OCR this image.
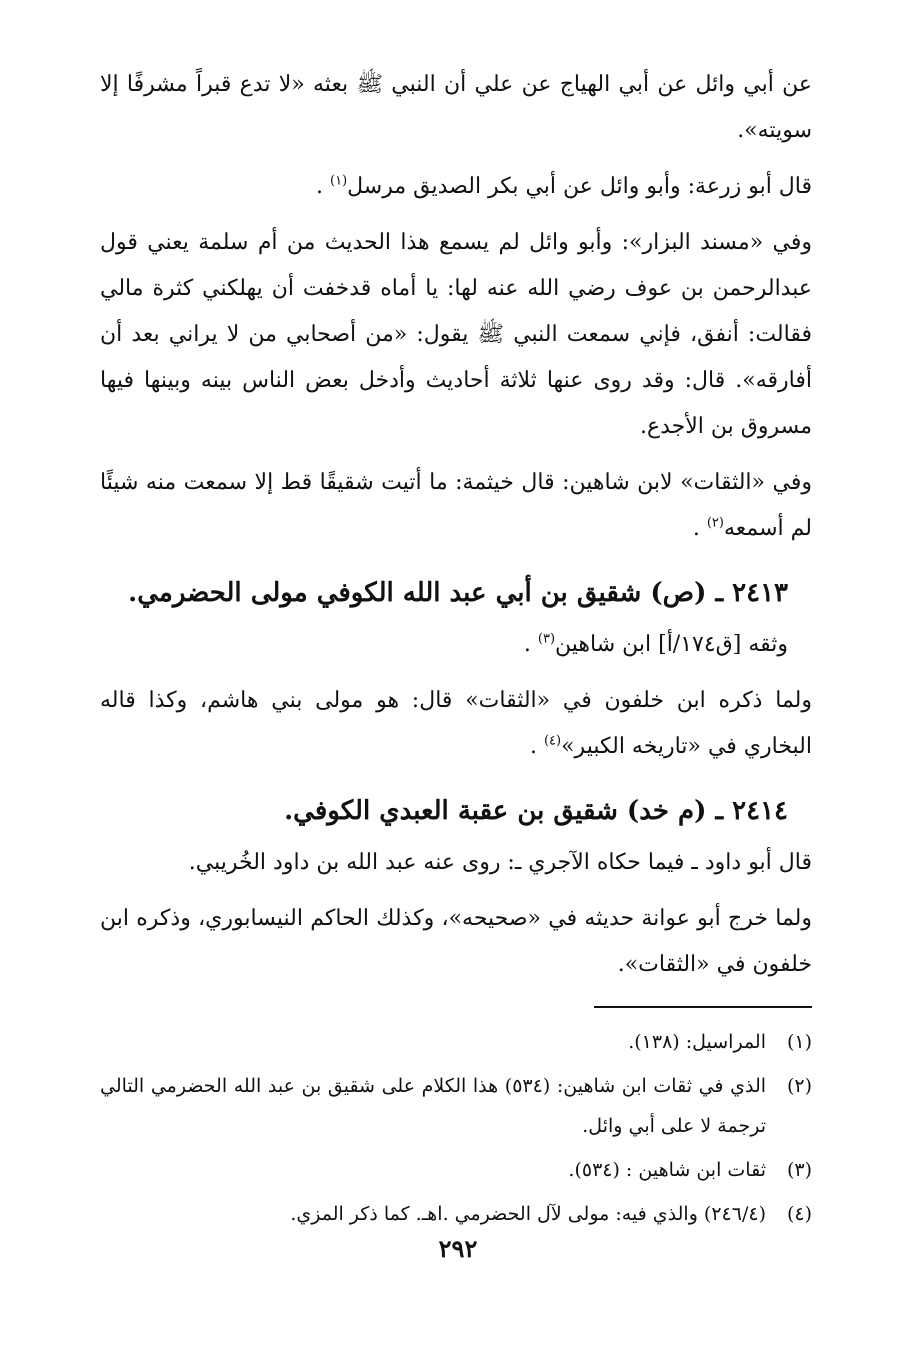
عن أبي وائل عن أبي الهياج عن علي أن النبي ﷺ بعثه «لا تدع قبراً مشرفًا إلا سويته».

قال أبو زرعة: وأبو وائل عن أبي بكر الصديق مرسل$^{(١)}$ .

وفي «مسند البزار»: وأبو وائل لم يسمع هذا الحديث من أم سلمة يعني قول عبدالرحمن بن عوف رضي الله عنه لها: يا أماه قدخفت أن يهلكني كثرة مالي فقالت: أنفق، فإني سمعت النبي ﷺ يقول: «من أصحابي من لا يراني بعد أن أفارقه». قال: وقد روى عنها ثلاثة أحاديث وأدخل بعض الناس بينه وبينها فيها مسروق بن الأجدع.

وفي «الثقات» لابن شاهين: قال خيثمة: ما أتيت شقيقًا قط إلا سمعت منه شيئًا لم أسمعه$^{(٢)}$ .

٢٤١٣ ـ (ص) شقيق بن أبي عبد الله الكوفي مولى الحضرمي.

وثقه [ق١٧٤/أ] ابن شاهين$^{(٣)}$ .

ولما ذكره ابن خلفون في «الثقات» قال: هو مولى بني هاشم، وكذا قاله البخاري في «تاريخه الكبير»$^{(٤)}$ .

٢٤١٤ ـ (م خد) شقيق بن عقبة العبدي الكوفي.

قال أبو داود ـ فيما حكاه الآجري ـ: روى عنه عبد الله بن داود الخُريبي.

ولما خرج أبو عوانة حديثه في «صحيحه»، وكذلك الحاكم النيسابوري، وذكره ابن خلفون في «الثقات».

(١)
المراسيل: (١٣٨).
(٢)
الذي في ثقات ابن شاهين: (٥٣٤) هذا الكلام على شقيق بن عبد الله الحضرمي التالي ترجمة لا على أبي وائل.
(٣)
ثقات ابن شاهين : (٥٣٤).
(٤)
(٢٤٦/٤) والذي فيه: مولى لآل الحضرمي .اهـ. كما ذكر المزي.
٢٩٢
